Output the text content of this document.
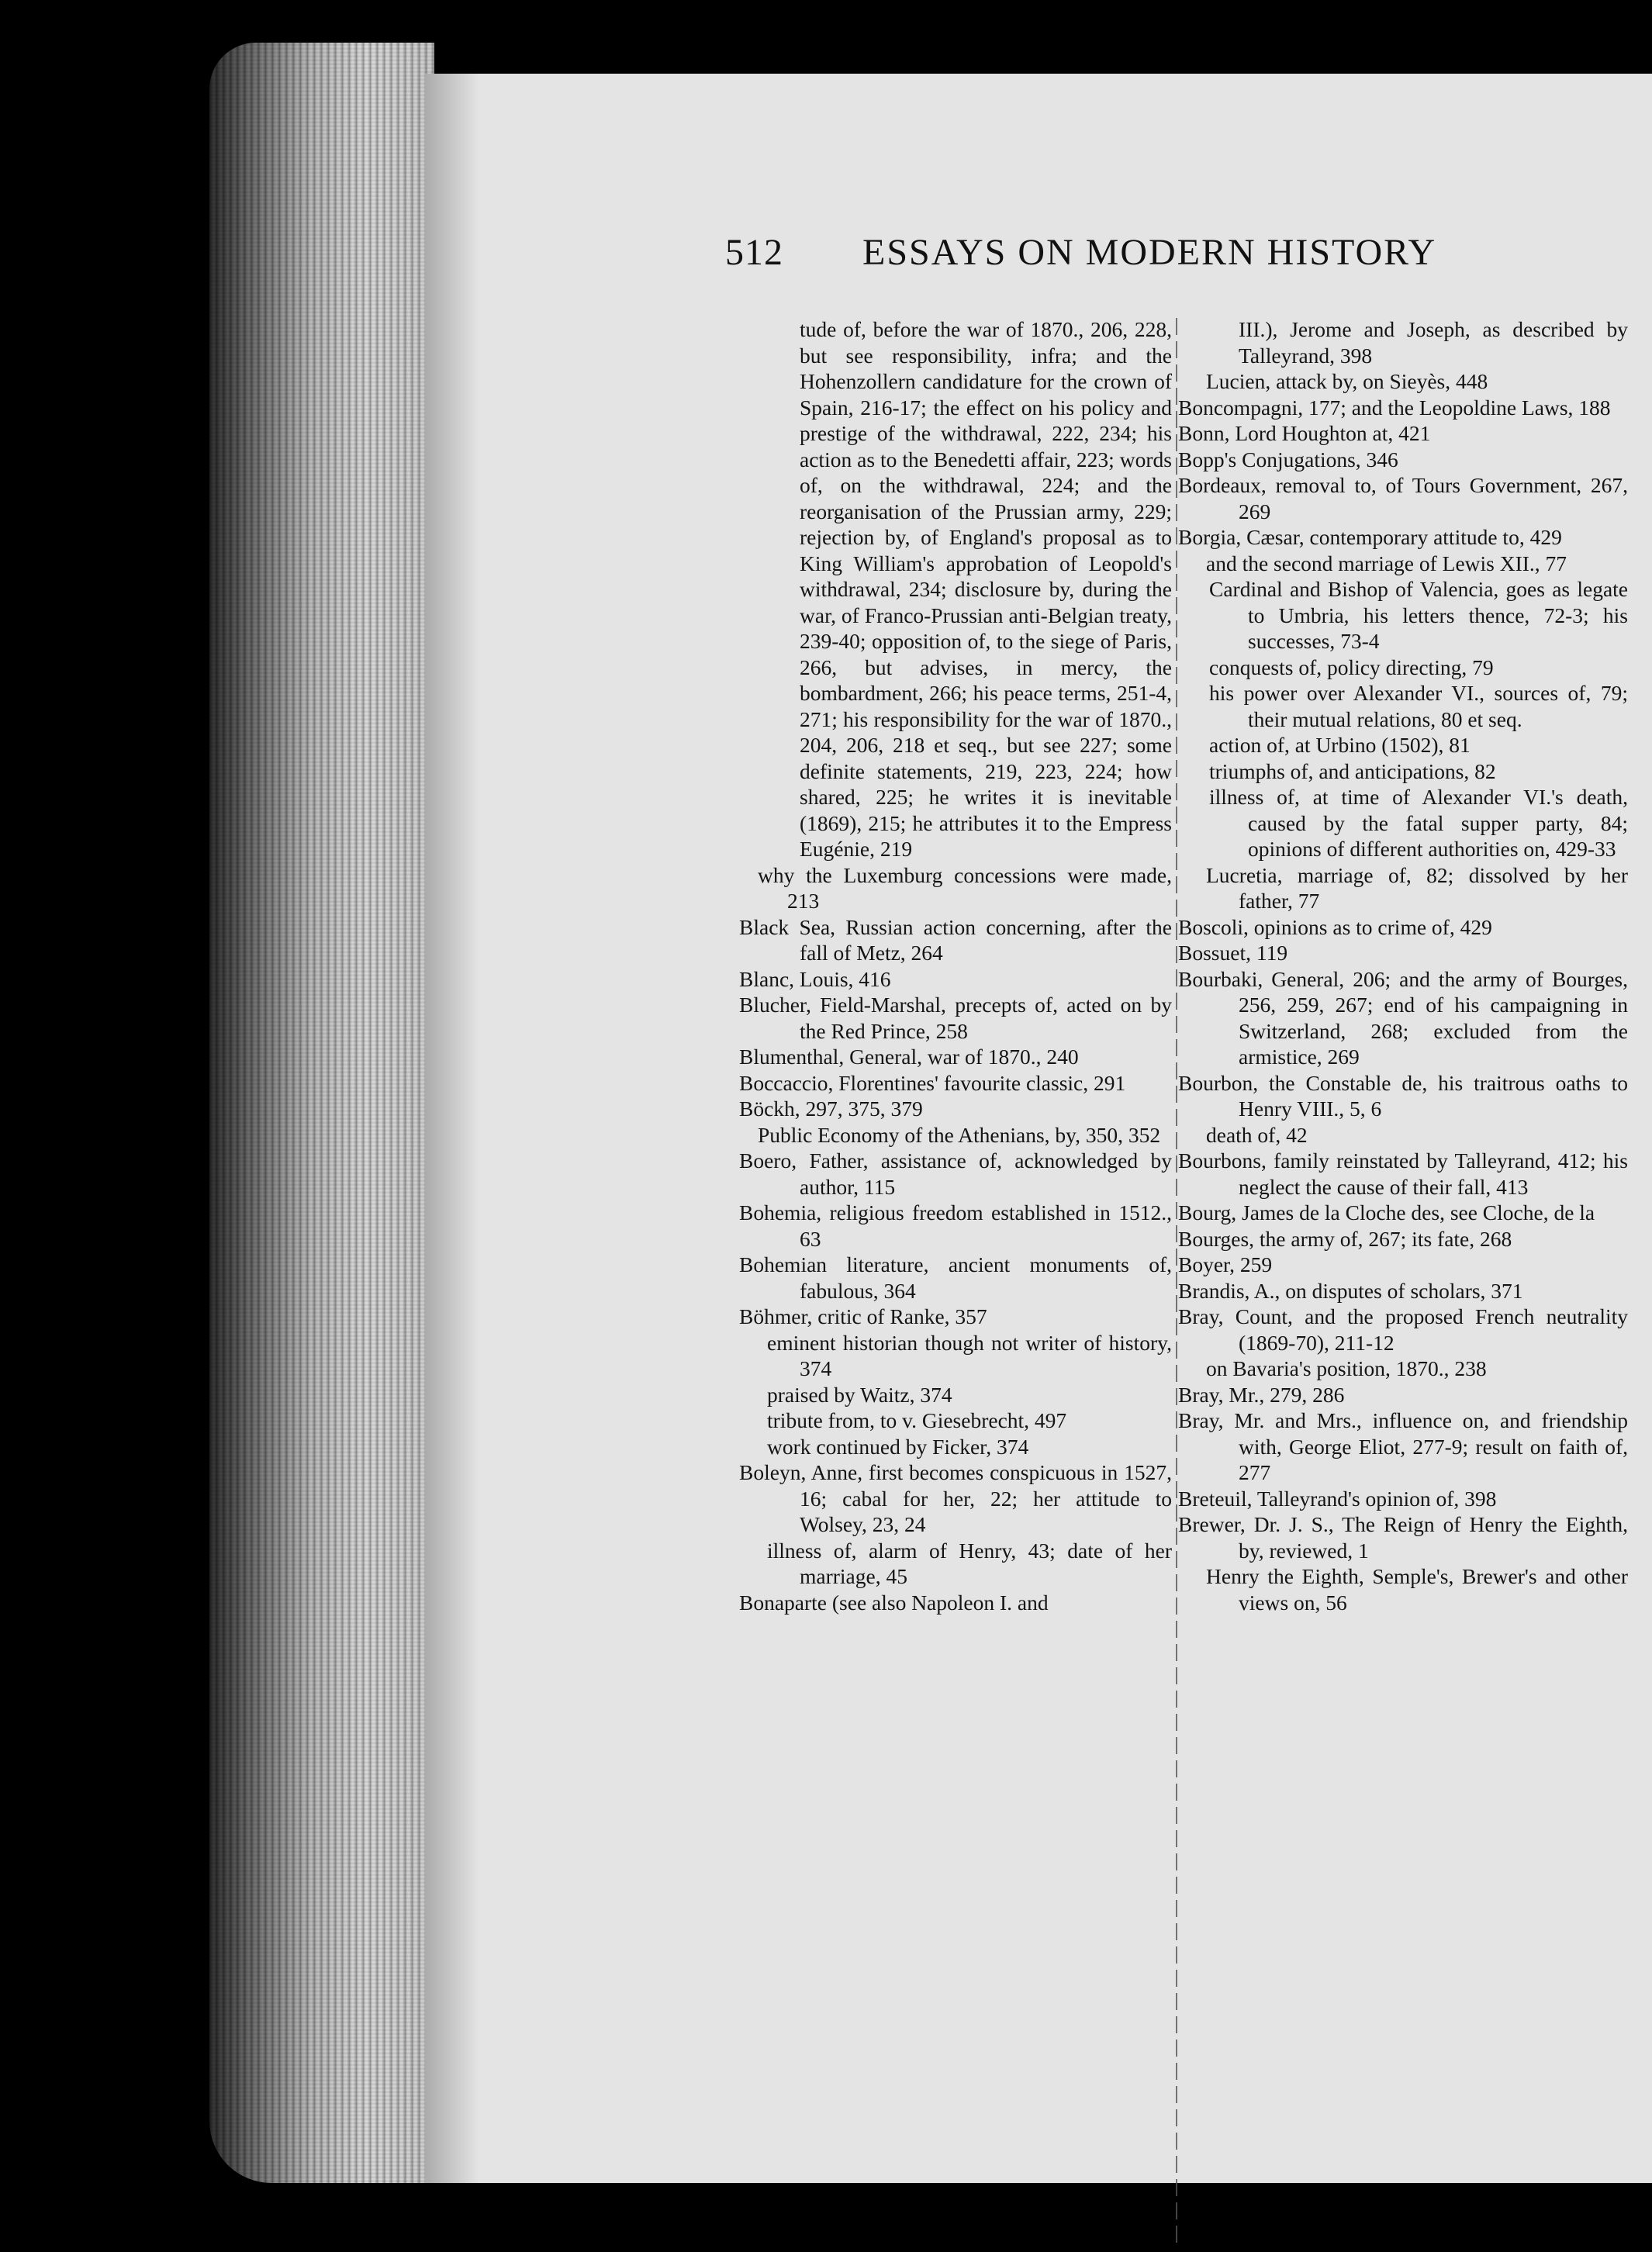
512 ESSAYS ON MODERN HISTORY

tude of, before the war of 1870., 206, 228, but see responsibility, infra; and the Hohenzollern candidature for the crown of Spain, 216-17; the effect on his policy and prestige of the withdrawal, 222, 234; his action as to the Benedetti affair, 223; words of, on the withdrawal, 224; and the reorganisation of the Prussian army, 229; rejection by, of England's proposal as to King William's approbation of Leopold's withdrawal, 234; disclosure by, during the war, of Franco-Prussian anti-Belgian treaty, 239-40; opposition of, to the siege of Paris, 266, but advises, in mercy, the bombardment, 266; his peace terms, 251-4, 271; his responsibility for the war of 1870., 204, 206, 218 et seq., but see 227; some definite statements, 219, 223, 224; how shared, 225; he writes it is inevitable (1869), 215; he attributes it to the Empress Eugénie, 219

why the Luxemburg concessions were made, 213

Black Sea, Russian action concerning, after the fall of Metz, 264

Blanc, Louis, 416

Blucher, Field-Marshal, precepts of, acted on by the Red Prince, 258

Blumenthal, General, war of 1870., 240

Boccaccio, Florentines' favourite classic, 291

Böckh, 297, 375, 379

Public Economy of the Athenians, by, 350, 352

Boero, Father, assistance of, acknowledged by author, 115

Bohemia, religious freedom established in 1512., 63

Bohemian literature, ancient monuments of, fabulous, 364

Böhmer, critic of Ranke, 357

eminent historian though not writer of history, 374

praised by Waitz, 374

tribute from, to v. Giesebrecht, 497

work continued by Ficker, 374

Boleyn, Anne, first becomes conspicuous in 1527, 16; cabal for her, 22; her attitude to Wolsey, 23, 24

illness of, alarm of Henry, 43; date of her marriage, 45

Bonaparte (see also Napoleon I. and

III.), Jerome and Joseph, as described by Talleyrand, 398

Lucien, attack by, on Sieyès, 448

Boncompagni, 177; and the Leopoldine Laws, 188

Bonn, Lord Houghton at, 421

Bopp's Conjugations, 346

Bordeaux, removal to, of Tours Government, 267, 269

Borgia, Cæsar, contemporary attitude to, 429

and the second marriage of Lewis XII., 77

Cardinal and Bishop of Valencia, goes as legate to Umbria, his letters thence, 72-3; his successes, 73-4

conquests of, policy directing, 79

his power over Alexander VI., sources of, 79; their mutual relations, 80 et seq.

action of, at Urbino (1502), 81

triumphs of, and anticipations, 82

illness of, at time of Alexander VI.'s death, caused by the fatal supper party, 84; opinions of different authorities on, 429-33

Lucretia, marriage of, 82; dissolved by her father, 77

Boscoli, opinions as to crime of, 429

Bossuet, 119

Bourbaki, General, 206; and the army of Bourges, 256, 259, 267; end of his campaigning in Switzerland, 268; excluded from the armistice, 269

Bourbon, the Constable de, his traitrous oaths to Henry VIII., 5, 6

death of, 42

Bourbons, family reinstated by Talleyrand, 412; his neglect the cause of their fall, 413

Bourg, James de la Cloche des, see Cloche, de la

Bourges, the army of, 267; its fate, 268

Boyer, 259

Brandis, A., on disputes of scholars, 371

Bray, Count, and the proposed French neutrality (1869-70), 211-12

on Bavaria's position, 1870., 238

Bray, Mr., 279, 286

Bray, Mr. and Mrs., influence on, and friendship with, George Eliot, 277-9; result on faith of, 277

Breteuil, Talleyrand's opinion of, 398

Brewer, Dr. J. S., The Reign of Henry the Eighth, by, reviewed, 1

Henry the Eighth, Semple's, Brewer's and other views on, 56
